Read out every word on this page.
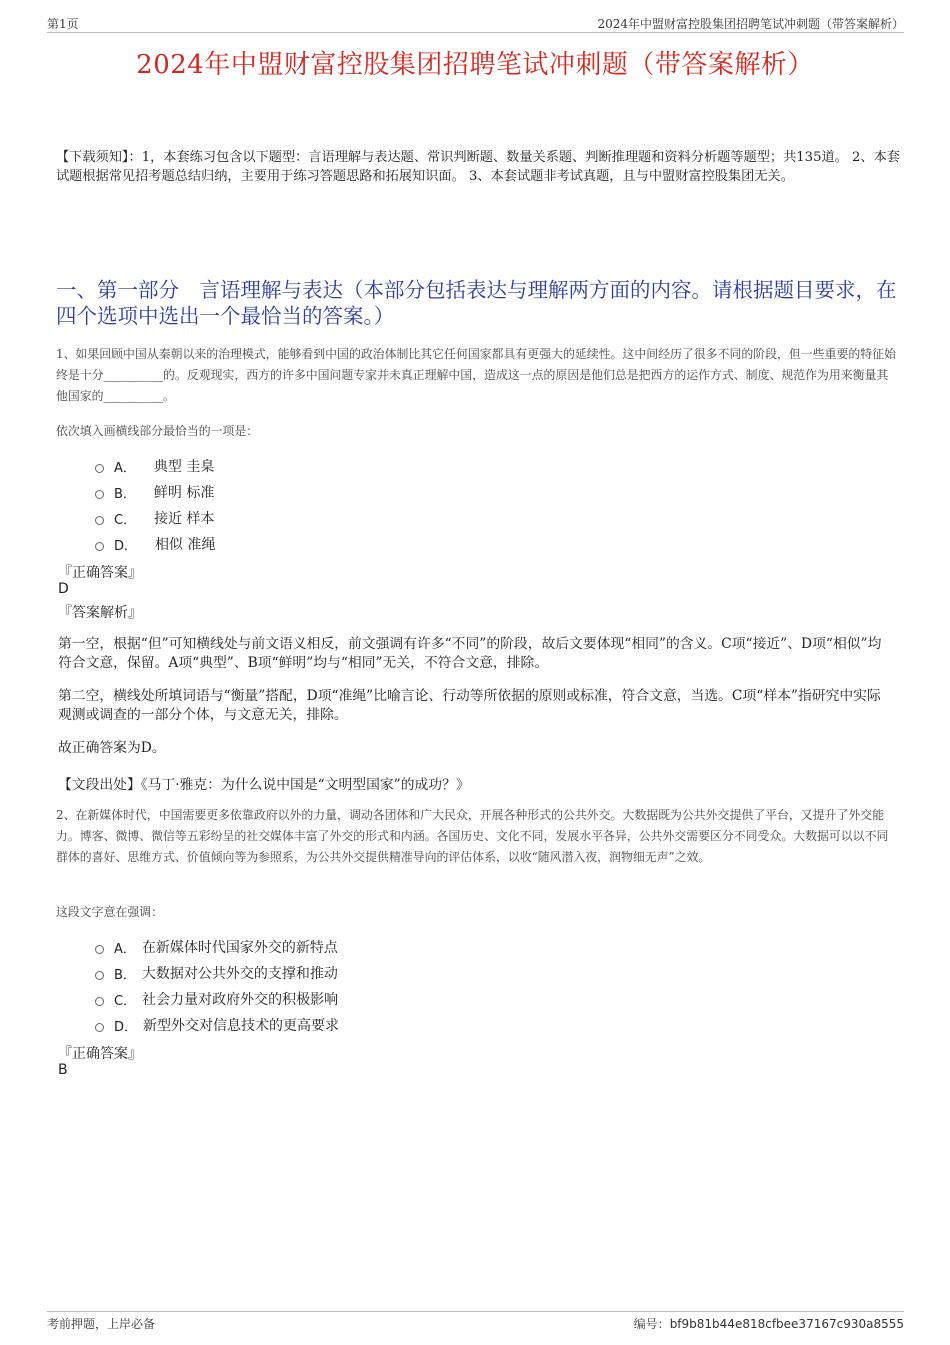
第1页	2024年中盟财富控股集团招聘笔试冲刺题（带答案解析）
2024年中盟财富控股集团招聘笔试冲刺题（带答案解析）
【下载须知】：1，本套练习包含以下题型：言语理解与表达题、常识判断题、数量关系题、判断推理题和资料分析题等题型；共135道。 2、本套试题根据常见招考题总结归纳，主要用于练习答题思路和拓展知识面。 3、本套试题非考试真题，且与中盟财富控股集团无关。
一、第一部分　言语理解与表达（本部分包括表达与理解两方面的内容。请根据题目要求，在四个选项中选出一个最恰当的答案。）
1、如果回顾中国从秦朝以来的治理模式，能够看到中国的政治体制比其它任何国家都具有更强大的延续性。这中间经历了很多不同的阶段，但一些重要的特征始终是十分__________的。反观现实，西方的许多中国问题专家并未真正理解中国，造成这一点的原因是他们总是把西方的运作方式、制度、规范作为用来衡量其他国家的__________。
依次填入画横线部分最恰当的一项是：
A． 典型 圭臬
B． 鲜明 标准
C． 接近 样本
D． 相似 准绳
『正确答案』
D
『答案解析』
第一空，根据“但”可知横线处与前文语义相反，前文强调有许多“不同”的阶段，故后文要体现“相同”的含义。C项“接近”、D项“相似”均符合文意，保留。A项“典型”、B项“鲜明”均与“相同”无关，不符合文意，排除。
第二空，横线处所填词语与“衡量”搭配，D项“准绳”比喻言论、行动等所依据的原则或标准，符合文意，当选。C项“样本”指研究中实际观测或调查的一部分个体，与文意无关，排除。
故正确答案为D。
【文段出处】《马丁·雅克：为什么说中国是“文明型国家”的成功？》
2、在新媒体时代，中国需要更多依靠政府以外的力量，调动各团体和广大民众，开展各种形式的公共外交。大数据既为公共外交提供了平台，又提升了外交能力。博客、微博、微信等五彩纷呈的社交媒体丰富了外交的形式和内涵。各国历史、文化不同，发展水平各异，公共外交需要区分不同受众。大数据可以以不同群体的喜好、思维方式、价值倾向等为参照系，为公共外交提供精准导向的评估体系，以收“随风潜入夜，润物细无声”之效。
这段文字意在强调：
A． 在新媒体时代国家外交的新特点
B． 大数据对公共外交的支撑和推动
C． 社会力量对政府外交的积极影响
D． 新型外交对信息技术的更高要求
『正确答案』
B
考前押题，上岸必备	编号：bf9b81b44e818cfbee37167c930a8555
